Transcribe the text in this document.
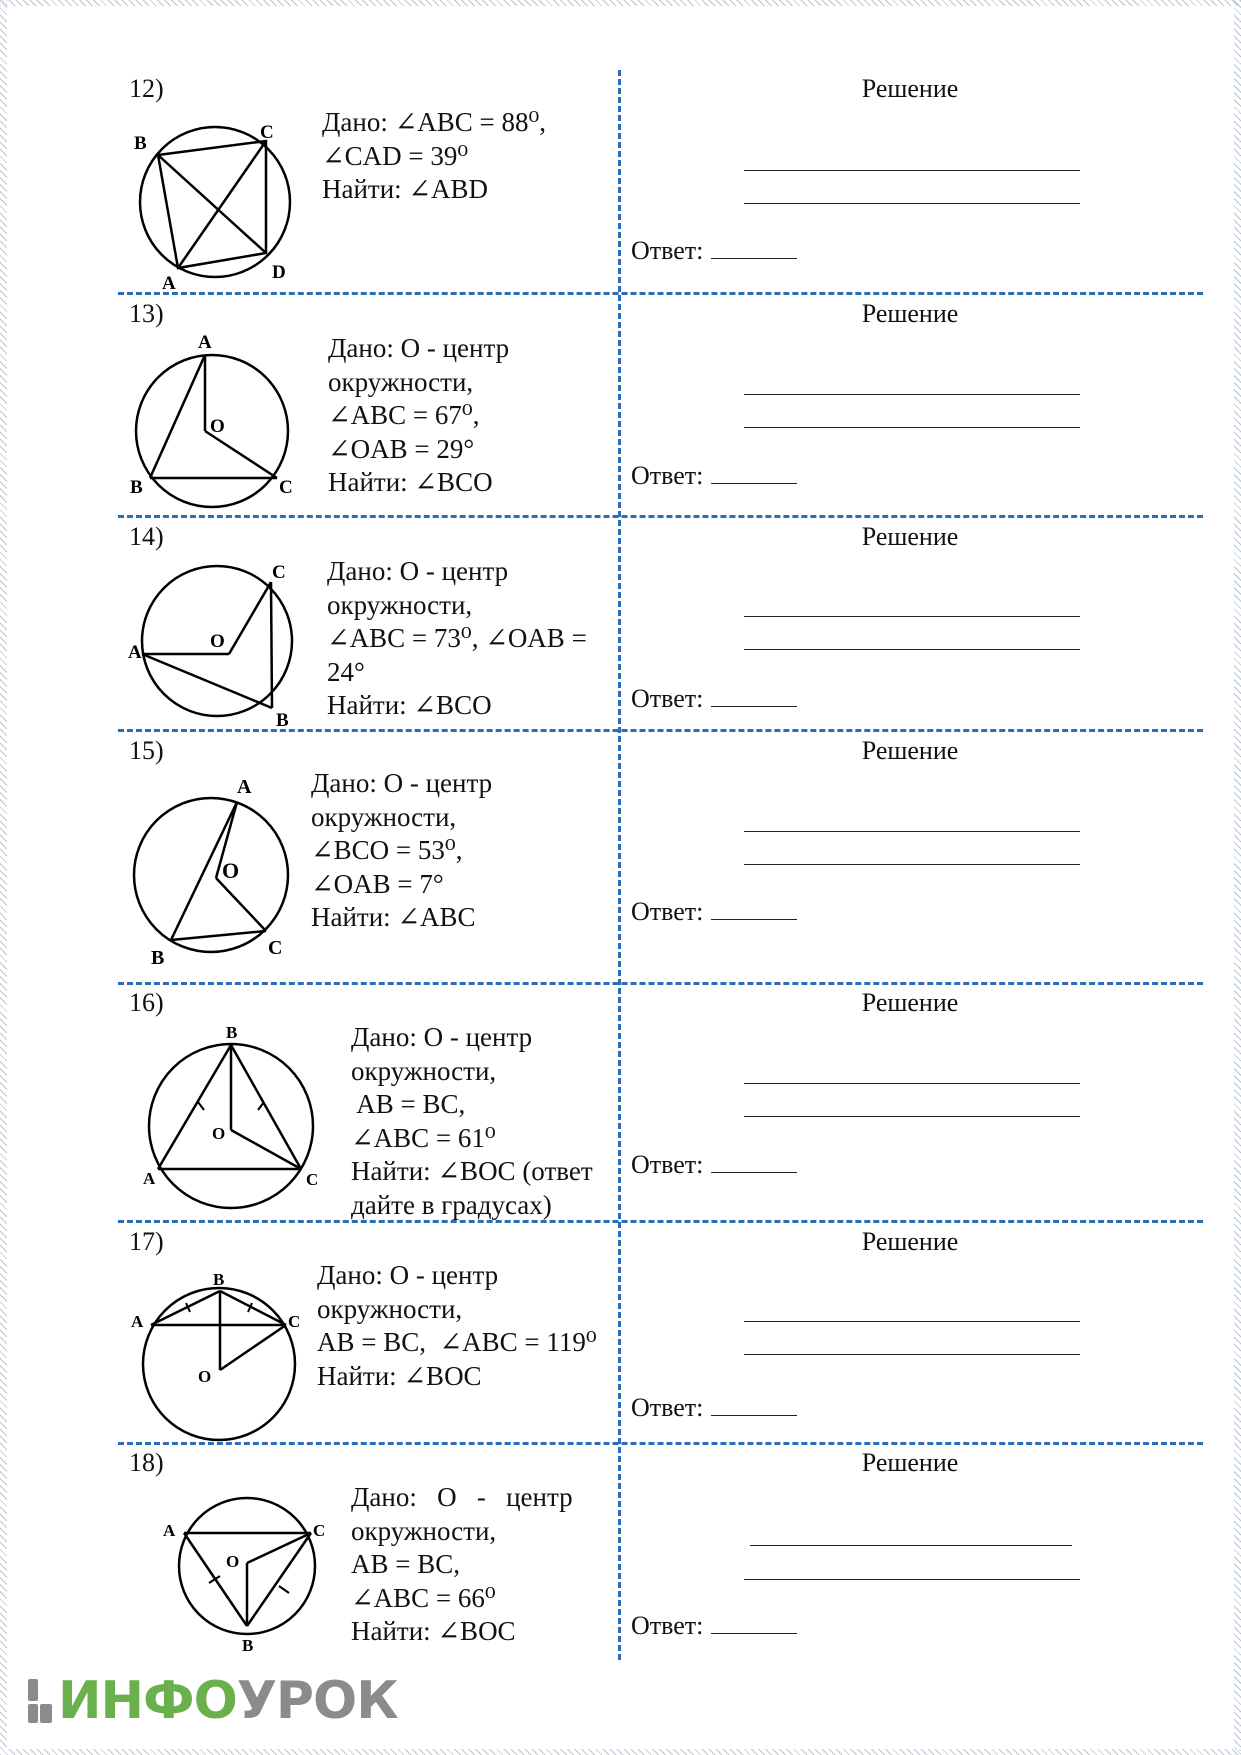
12)
B
C
A
D
Дано: ∠ABC = 88⁰,
∠CAD = 39⁰
Найти: ∠ABD
Решение
Ответ:
13)
A
O
B	C
Дано: О - центр
окружности,
∠ABC = 67⁰,
∠OAB = 29°
Найти: ∠BCO
Решение
Ответ:
14)
C
A
O
B
Дано: О - центр
окружности,
∠ABC = 73⁰, ∠OAB =
24°
Найти: ∠BCO
Решение
Ответ:
15)
A
O
B	C
Дано: О - центр
окружности,
∠BCO = 53⁰,
∠OAB = 7°
Найти: ∠ABC
Решение
Ответ:
16)
B
O
A	C
Дано: О - центр
окружности,
AB = BC,
∠ABC = 61⁰
Найти: ∠BOC (ответ
дайте в градусах)
Решение
Ответ:
17)
B
A	C
O
Дано: О - центр
окружности,
AB = BC,  ∠ABC = 119⁰
Найти: ∠BOC
Решение
Ответ:
18)
A	C
O
B
Дано:   О   -   центр
окружности,
AB = BC,
∠ABC = 66⁰
Найти: ∠BOC
Решение
Ответ:
ИНФО УРОК
